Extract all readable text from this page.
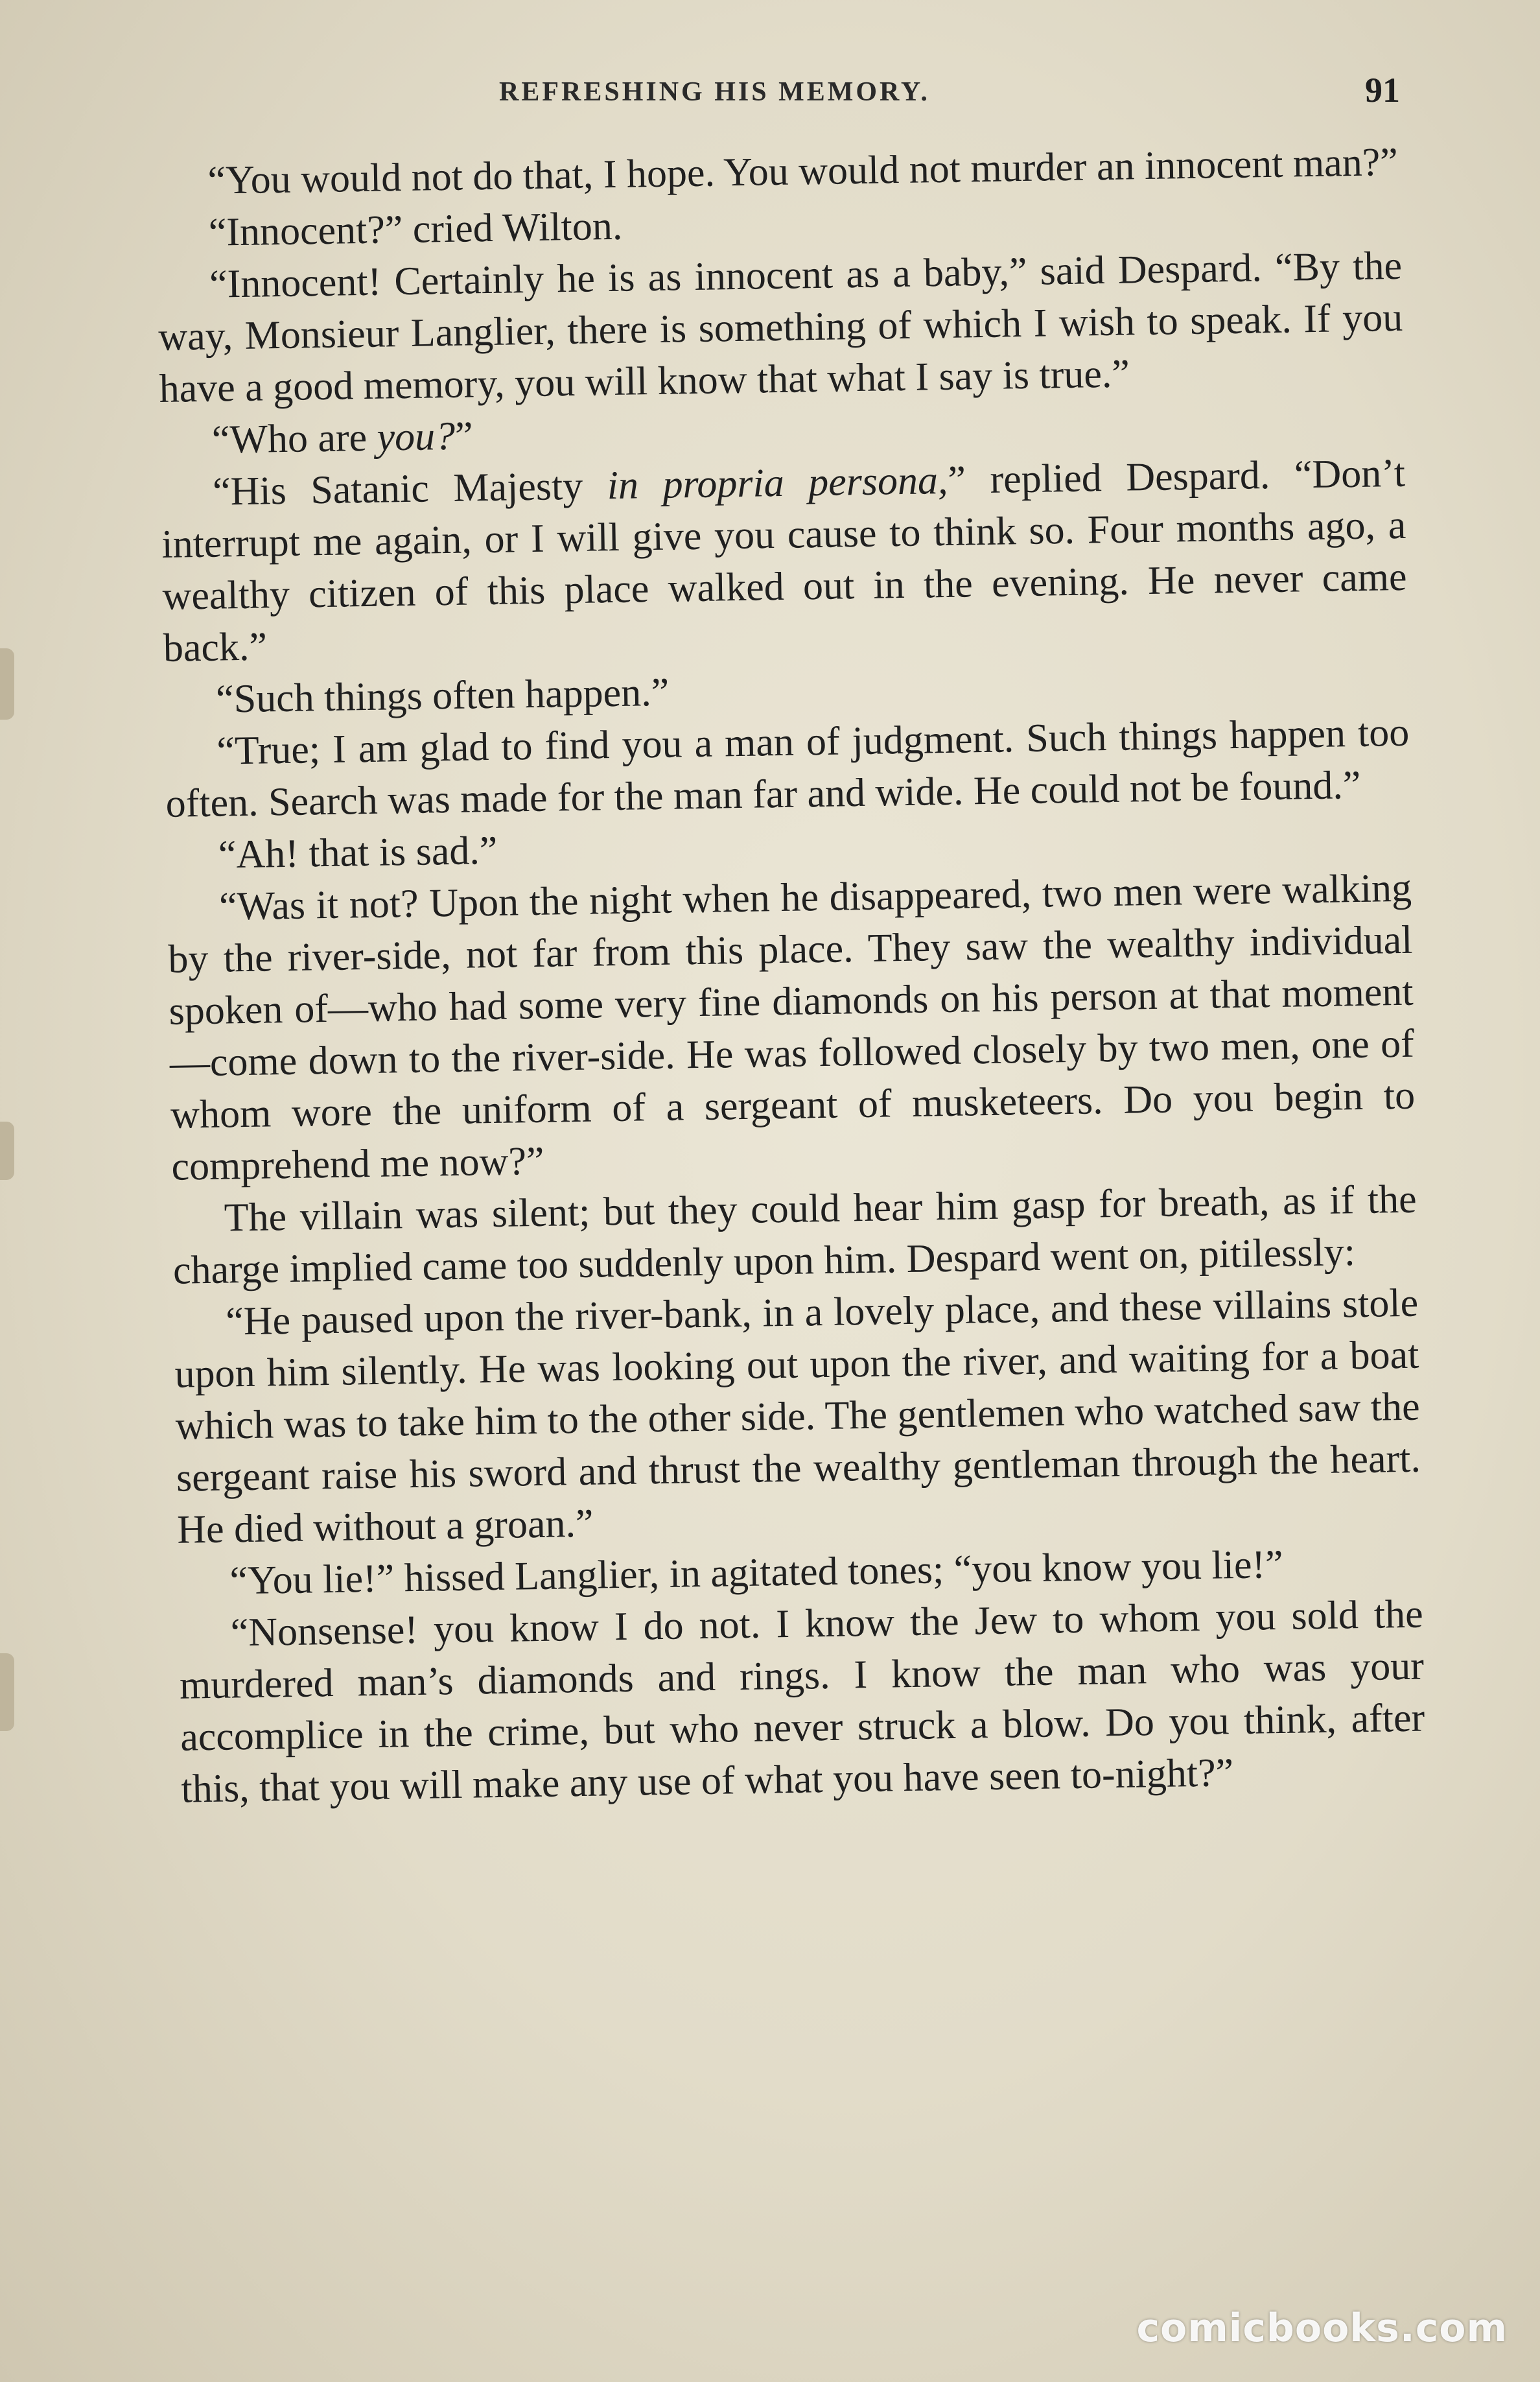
REFRESHING HIS MEMORY.	91

“You would not do that, I hope. You would not murder an innocent man?”

“Innocent?” cried Wilton.

“Innocent! Certainly he is as innocent as a baby,” said Despard. “By the way, Monsieur Langlier, there is something of which I wish to speak. If you have a good memory, you will know that what I say is true.”

“Who are you?”

“His Satanic Majesty in propria persona,” replied Despard. “Don’t interrupt me again, or I will give you cause to think so. Four months ago, a wealthy citizen of this place walked out in the evening. He never came back.”

“Such things often happen.”

“True; I am glad to find you a man of judgment. Such things happen too often. Search was made for the man far and wide. He could not be found.”

“Ah! that is sad.”

“Was it not? Upon the night when he disappeared, two men were walking by the river-side, not far from this place. They saw the wealthy individual spoken of—who had some very fine diamonds on his person at that moment—come down to the river-side. He was followed closely by two men, one of whom wore the uniform of a sergeant of musketeers. Do you begin to comprehend me now?”

The villain was silent; but they could hear him gasp for breath, as if the charge implied came too suddenly upon him. Despard went on, pitilessly:

“He paused upon the river-bank, in a lovely place, and these villains stole upon him silently. He was looking out upon the river, and waiting for a boat which was to take him to the other side. The gentlemen who watched saw the sergeant raise his sword and thrust the wealthy gentleman through the heart. He died without a groan.”

“You lie!” hissed Langlier, in agitated tones; “you know you lie!”

“Nonsense! you know I do not. I know the Jew to whom you sold the murdered man’s diamonds and rings. I know the man who was your accomplice in the crime, but who never struck a blow. Do you think, after this, that you will make any use of what you have seen to-night?”

comicbooks.com
